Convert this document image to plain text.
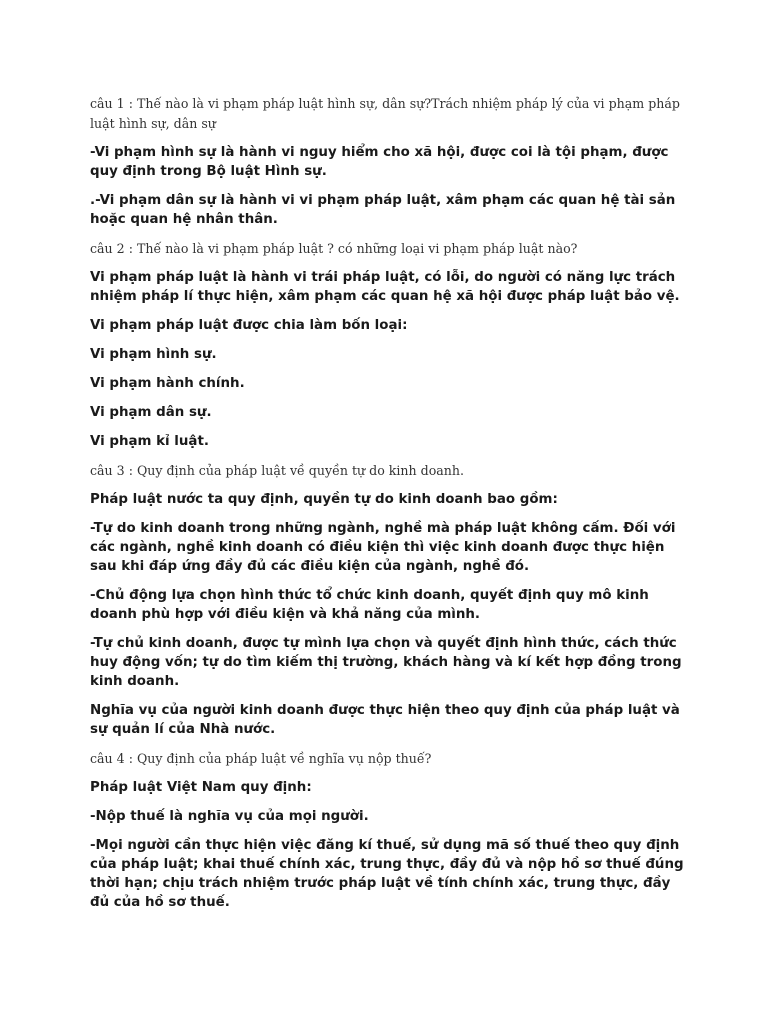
câu 1 : Thế nào là vi phạm pháp luật hình sự, dân sự?Trách nhiệm pháp lý của vi phạm pháp luật hình sự, dân sự

-Vi phạm hình sự là hành vi nguy hiểm cho xã hội, được coi là tội phạm, được quy định trong Bộ luật Hình sự.

.-Vi phạm dân sự là hành vi vi phạm pháp luật, xâm phạm các quan hệ tài sản hoặc quan hệ nhân thân.

câu 2 : Thế nào là vi phạm pháp luật ? có những loại vi phạm pháp luật nào?

Vi phạm pháp luật là hành vi trái pháp luật, có lỗi, do người có năng lực trách nhiệm pháp lí thực hiện, xâm phạm các quan hệ xã hội được pháp luật bảo vệ.

Vi phạm pháp luật được chia làm bốn loại:

Vi phạm hình sự.

Vi phạm hành chính.

Vi phạm dân sự.

Vi phạm kỉ luật.

câu 3 : Quy định của pháp luật về quyền tự do kinh doanh.

Pháp luật nước ta quy định, quyền tự do kinh doanh bao gồm:

-Tự do kinh doanh trong những ngành, nghề mà pháp luật không cấm. Đối với các ngành, nghề kinh doanh có điều kiện thì việc kinh doanh được thực hiện sau khi đáp ứng đầy đủ các điều kiện của ngành, nghề đó.

-Chủ động lựa chọn hình thức tổ chức kinh doanh, quyết định quy mô kinh doanh phù hợp với điều kiện và khả năng của mình.

-Tự chủ kinh doanh, được tự mình lựa chọn và quyết định hình thức, cách thức huy động vốn; tự do tìm kiếm thị trường, khách hàng và kí kết hợp đồng trong kinh doanh.

Nghĩa vụ của người kinh doanh được thực hiện theo quy định của pháp luật và sự quản lí của Nhà nước.

câu 4 : Quy định của pháp luật về nghĩa vụ nộp thuế?

Pháp luật Việt Nam quy định:

-Nộp thuế là nghĩa vụ của mọi người.

-Mọi người cần thực hiện việc đăng kí thuế, sử dụng mã số thuế theo quy định của pháp luật; khai thuế chính xác, trung thực, đầy đủ và nộp hồ sơ thuế đúng thời hạn; chịu trách nhiệm trước pháp luật về tính chính xác, trung thực, đầy đủ của hồ sơ thuế.
